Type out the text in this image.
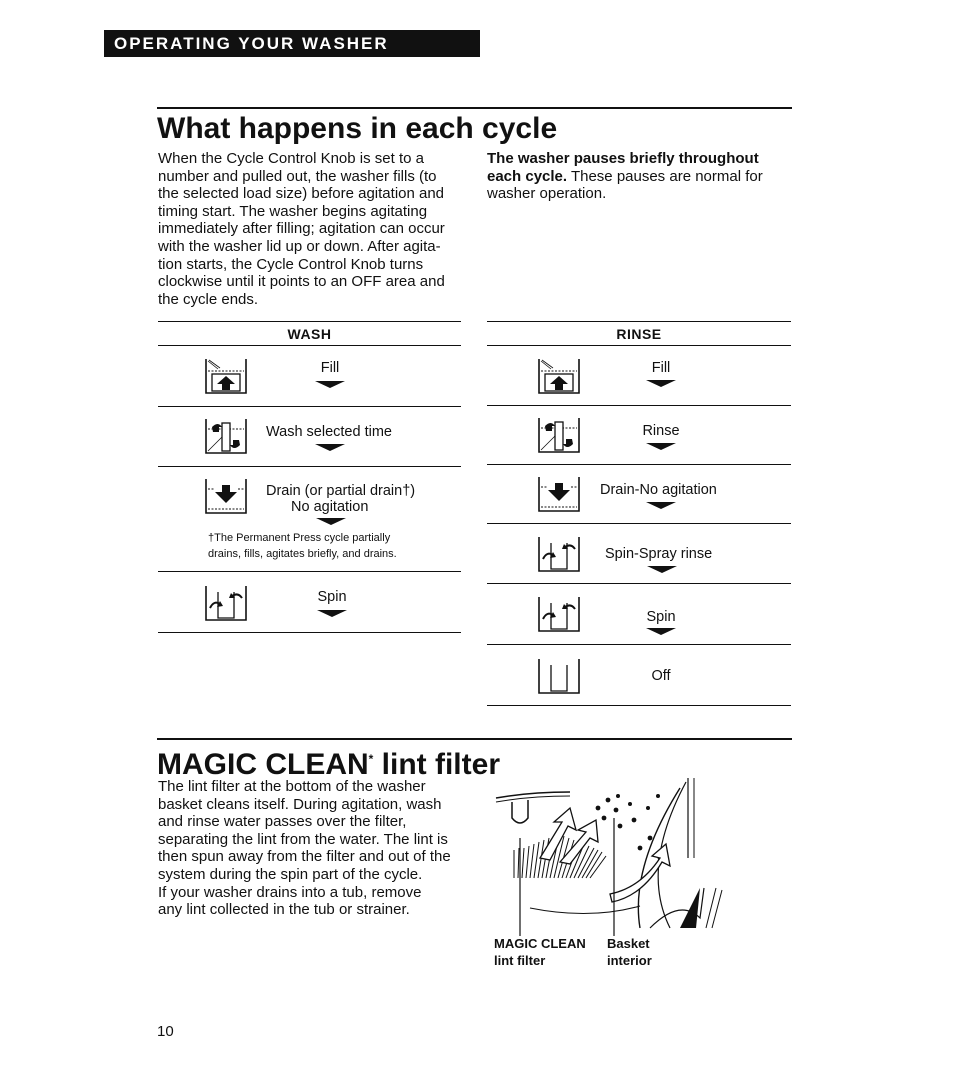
OPERATING YOUR WASHER
What happens in each cycle
When the Cycle Control Knob is set to a
number and pulled out, the washer fills (to
the selected load size) before agitation and
timing start. The washer begins agitating
immediately after filling; agitation can occur
with the washer lid up or down. After agita-
tion starts, the Cycle Control Knob turns
clockwise until it points to an OFF area and
the cycle ends.
The washer pauses briefly throughout each cycle. These pauses are normal for washer operation.
WASH
Fill
Wash selected time
Drain (or partial drain†)
No agitation
†The Permanent Press cycle partially
drains, fills, agitates briefly, and drains.
Spin
RINSE
Fill
Rinse
Drain-No agitation
Spin-Spray rinse
Spin
Off
MAGIC CLEAN* lint filter
The lint filter at the bottom of the washer
basket cleans itself. During agitation, wash
and rinse water passes over the filter,
separating the lint from the water. The lint is
then spun away from the filter and out of the
system during the spin part of the cycle.
If your washer drains into a tub, remove
any lint collected in the tub or strainer.
MAGIC CLEAN
lint filter
Basket
interior
10
